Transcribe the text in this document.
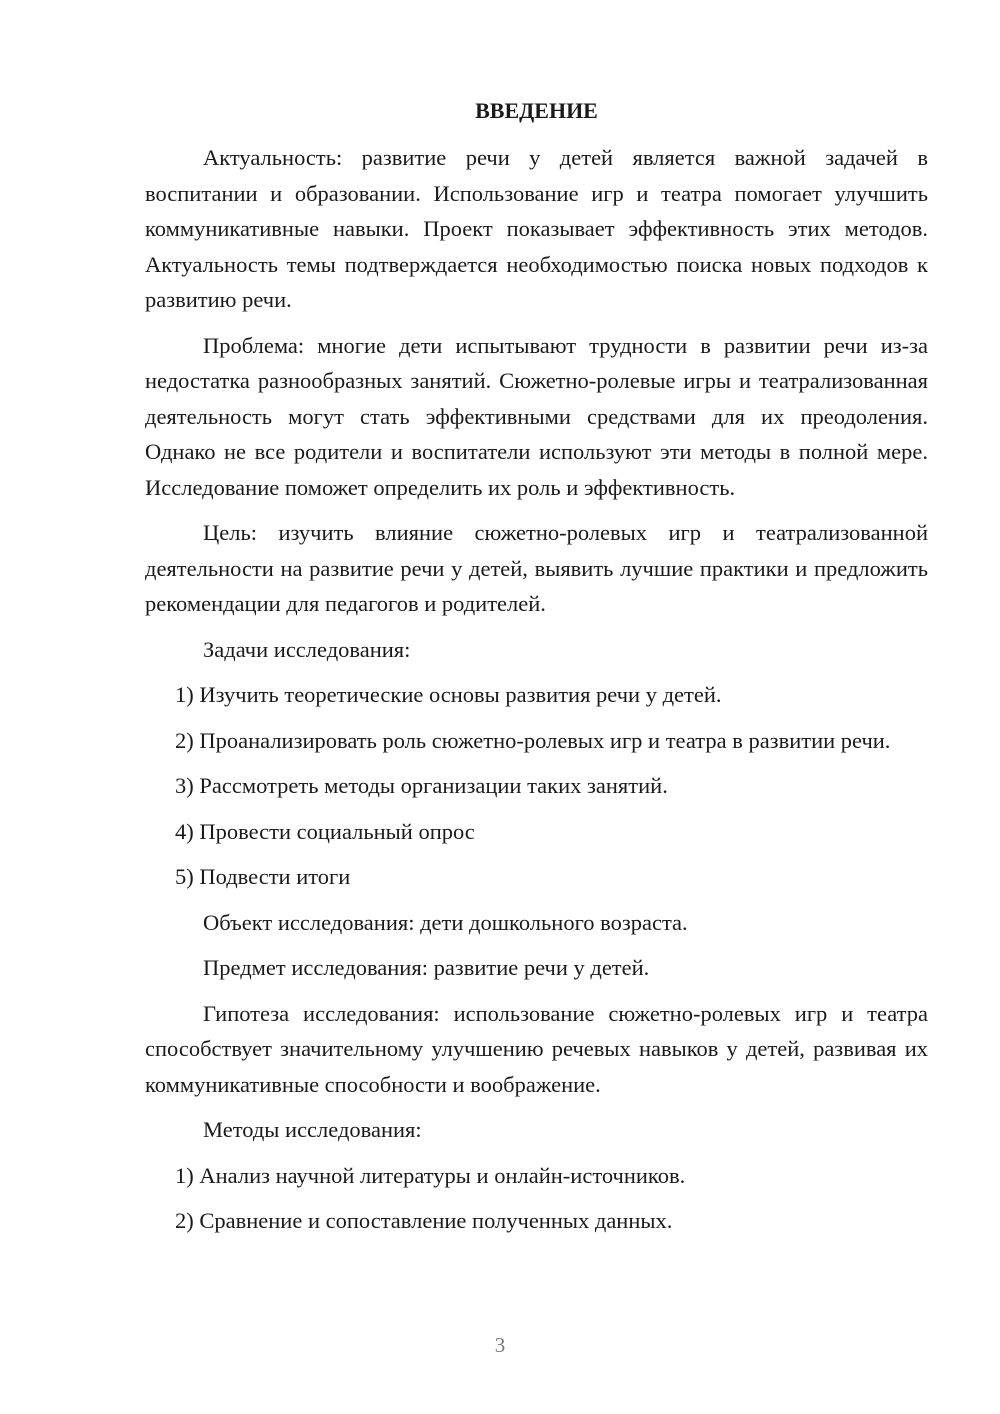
ВВЕДЕНИЕ

Актуальность: развитие речи у детей является важной задачей в воспитании и образовании. Использование игр и театра помогает улучшить коммуникативные навыки. Проект показывает эффективность этих методов. Актуальность темы подтверждается необходимостью поиска новых подходов к развитию речи.

Проблема: многие дети испытывают трудности в развитии речи из-за недостатка разнообразных занятий. Сюжетно-ролевые игры и театрализованная деятельность могут стать эффективными средствами для их преодоления. Однако не все родители и воспитатели используют эти методы в полной мере. Исследование поможет определить их роль и эффективность.

Цель: изучить влияние сюжетно-ролевых игр и театрализованной деятельности на развитие речи у детей, выявить лучшие практики и предложить рекомендации для педагогов и родителей.

Задачи исследования:

1) Изучить теоретические основы развития речи у детей.

2) Проанализировать роль сюжетно-ролевых игр и театра в развитии речи.

3) Рассмотреть методы организации таких занятий.

4) Провести социальный опрос

5) Подвести итоги

Объект исследования: дети дошкольного возраста.

Предмет исследования: развитие речи у детей.

Гипотеза исследования: использование сюжетно-ролевых игр и театра способствует значительному улучшению речевых навыков у детей, развивая их коммуникативные способности и воображение.

Методы исследования:

1) Анализ научной литературы и онлайн-источников.

2) Сравнение и сопоставление полученных данных.

3
